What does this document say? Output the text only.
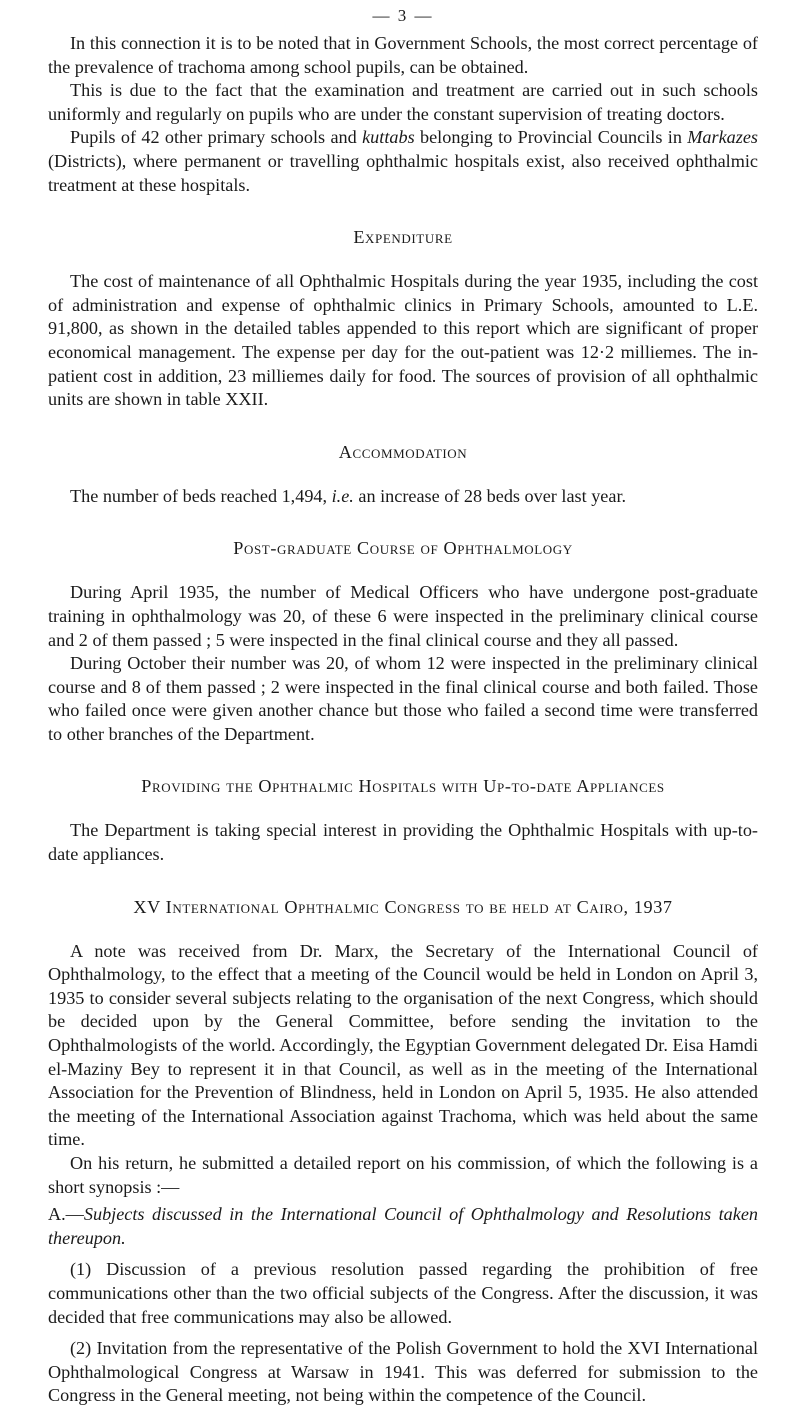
— 3 —

In this connection it is to be noted that in Government Schools, the most correct percentage of the prevalence of trachoma among school pupils, can be obtained.

This is due to the fact that the examination and treatment are carried out in such schools uniformly and regularly on pupils who are under the constant supervision of treating doctors.

Pupils of 42 other primary schools and kuttabs belonging to Provincial Councils in Markazes (Districts), where permanent or travelling ophthalmic hospitals exist, also received ophthalmic treatment at these hospitals.

Expenditure

The cost of maintenance of all Ophthalmic Hospitals during the year 1935, including the cost of administration and expense of ophthalmic clinics in Primary Schools, amounted to L.E. 91,800, as shown in the detailed tables appended to this report which are significant of proper economical management. The expense per day for the out-patient was 12·2 milliemes. The in-patient cost in addition, 23 milliemes daily for food. The sources of provision of all ophthalmic units are shown in table XXII.

Accommodation

The number of beds reached 1,494, i.e. an increase of 28 beds over last year.

Post-graduate Course of Ophthalmology

During April 1935, the number of Medical Officers who have undergone post-graduate training in ophthalmology was 20, of these 6 were inspected in the preliminary clinical course and 2 of them passed ; 5 were inspected in the final clinical course and they all passed.

During October their number was 20, of whom 12 were inspected in the preliminary clinical course and 8 of them passed ; 2 were inspected in the final clinical course and both failed. Those who failed once were given another chance but those who failed a second time were transferred to other branches of the Department.

Providing the Ophthalmic Hospitals with Up-to-date Appliances

The Department is taking special interest in providing the Ophthalmic Hospitals with up-to-date appliances.

XV International Ophthalmic Congress to be held at Cairo, 1937

A note was received from Dr. Marx, the Secretary of the International Council of Ophthalmology, to the effect that a meeting of the Council would be held in London on April 3, 1935 to consider several subjects relating to the organisation of the next Congress, which should be decided upon by the General Committee, before sending the invitation to the Ophthalmologists of the world. Accordingly, the Egyptian Government delegated Dr. Eisa Hamdi el-Maziny Bey to represent it in that Council, as well as in the meeting of the International Association for the Prevention of Blindness, held in London on April 5, 1935. He also attended the meeting of the International Association against Trachoma, which was held about the same time.

On his return, he submitted a detailed report on his commission, of which the following is a short synopsis :—

A.—Subjects discussed in the International Council of Ophthalmology and Resolutions taken thereupon.

(1) Discussion of a previous resolution passed regarding the prohibition of free communications other than the two official subjects of the Congress. After the discussion, it was decided that free communications may also be allowed.

(2) Invitation from the representative of the Polish Government to hold the XVI International Ophthalmological Congress at Warsaw in 1941. This was deferred for submission to the Congress in the General meeting, not being within the competence of the Council.
